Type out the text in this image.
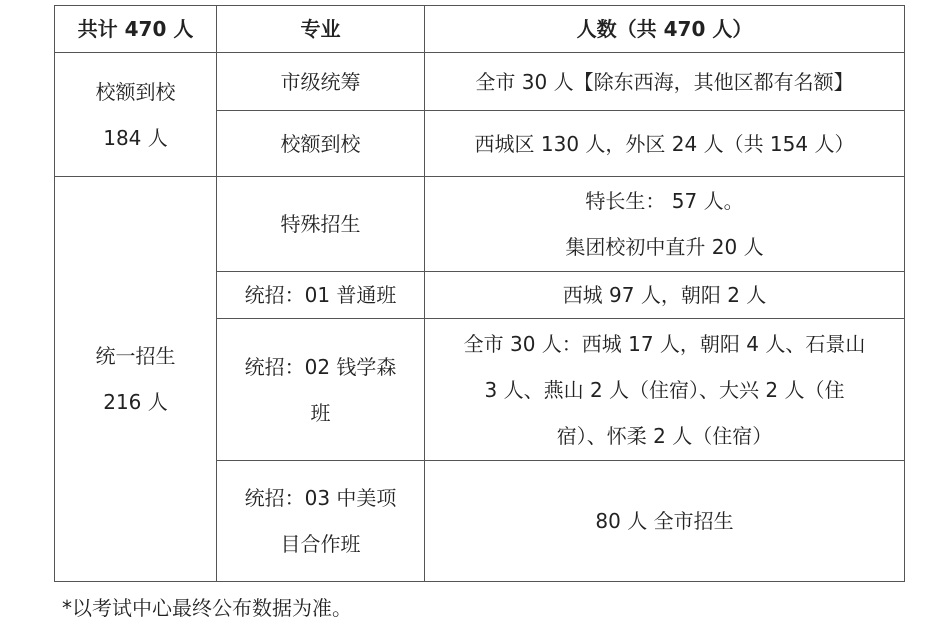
共计 470 人	专业	人数（共 470 人）

校额到校
184 人	市级统筹	全市 30 人【除东西海，其他区都有名额】

	校额到校	西城区 130 人，外区 24 人（共 154 人）

统一招生
216 人	特殊招生	特长生： 57 人。
集团校初中直升 20 人

	统招：01 普通班	西城 97 人，朝阳 2 人

	统招：02 钱学森
班	全市 30 人：西城 17 人，朝阳 4 人、石景山
3 人、燕山 2 人（住宿）、大兴 2 人（住
宿）、怀柔 2 人（住宿）

	统招：03 中美项
目合作班	80 人 全市招生
*以考试中心最终公布数据为准。
